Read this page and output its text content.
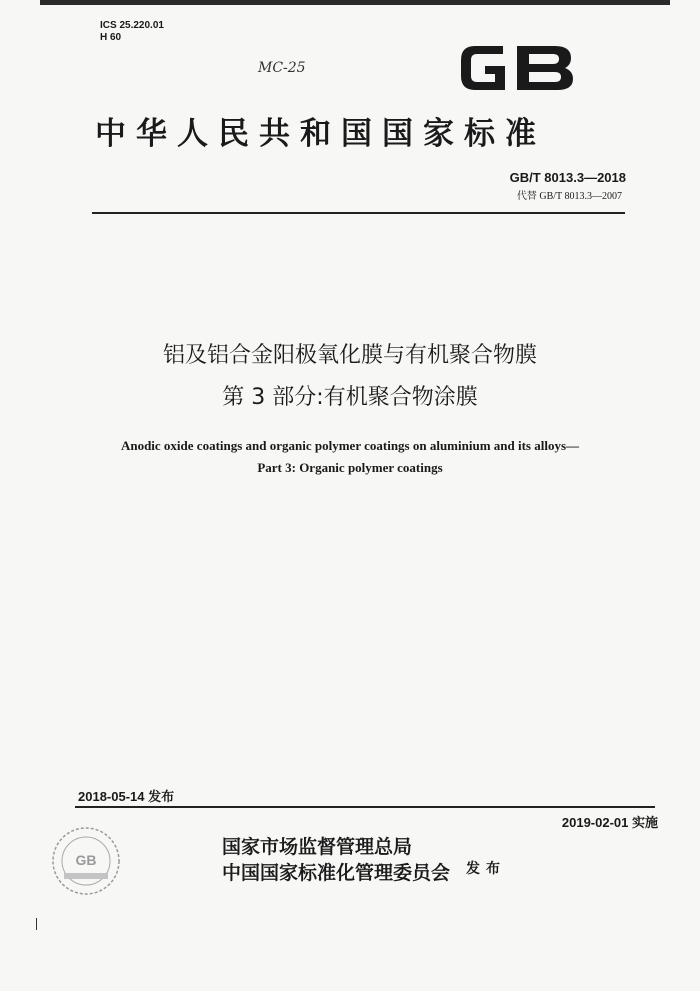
ICS 25.220.01
H 60
MC-25
中华人民共和国国家标准
GB/T 8013.3—2018
代替 GB/T 8013.3—2007
铝及铝合金阳极氧化膜与有机聚合物膜
第 3 部分:有机聚合物涂膜
Anodic oxide coatings and organic polymer coatings on aluminium and its alloys—
Part 3: Organic polymer coatings
2018-05-14 发布
2019-02-01 实施
GB
国家市场监督管理总局
中国国家标准化管理委员会 发布
